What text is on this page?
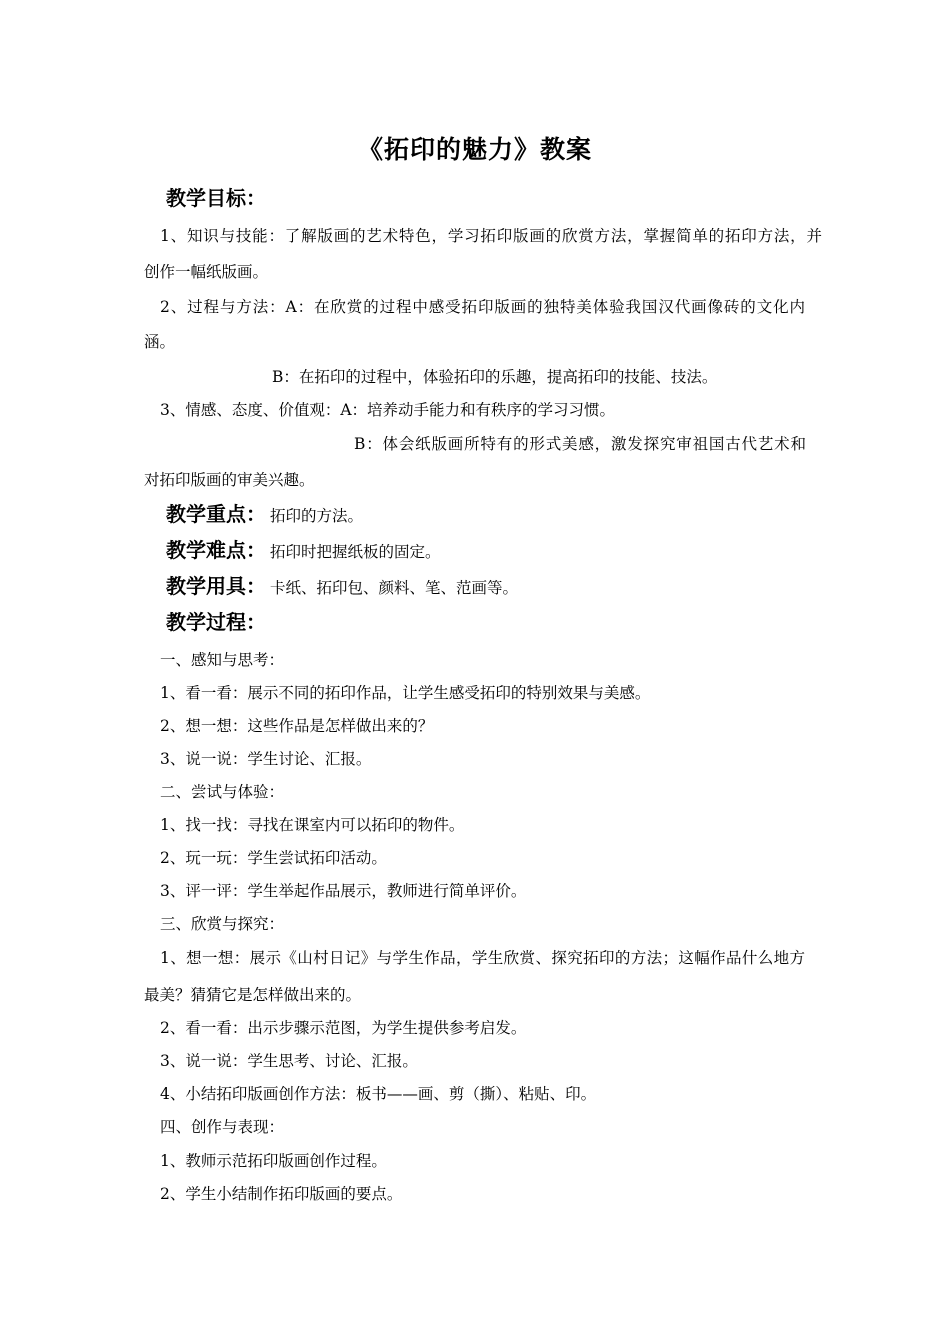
《拓印的魅力》教案
教学目标：
1、知识与技能：了解版画的艺术特色，学习拓印版画的欣赏方法，掌握简单的拓印方法，并
创作一幅纸版画。
2、过程与方法：A：在欣赏的过程中感受拓印版画的独特美体验我国汉代画像砖的文化内
涵。
B：在拓印的过程中，体验拓印的乐趣，提高拓印的技能、技法。
3、情感、态度、价值观：A：培养动手能力和有秩序的学习习惯。
B：体会纸版画所特有的形式美感，激发探究审祖国古代艺术和
对拓印版画的审美兴趣。
教学重点： 拓印的方法。
教学难点： 拓印时把握纸板的固定。
教学用具： 卡纸、拓印包、颜料、笔、范画等。
教学过程：
一、感知与思考：
1、看一看：展示不同的拓印作品，让学生感受拓印的特别效果与美感。
2、想一想：这些作品是怎样做出来的？
3、说一说：学生讨论、汇报。
二、尝试与体验：
1、找一找：寻找在课室内可以拓印的物件。
2、玩一玩：学生尝试拓印活动。
3、评一评：学生举起作品展示，教师进行简单评价。
三、欣赏与探究：
1、想一想：展示《山村日记》与学生作品，学生欣赏、探究拓印的方法；这幅作品什么地方
最美？猜猜它是怎样做出来的。
2、看一看：出示步骤示范图，为学生提供参考启发。
3、说一说：学生思考、讨论、汇报。
4、小结拓印版画创作方法：板书——画、剪（撕）、粘贴、印。
四、创作与表现：
1、教师示范拓印版画创作过程。
2、学生小结制作拓印版画的要点。
